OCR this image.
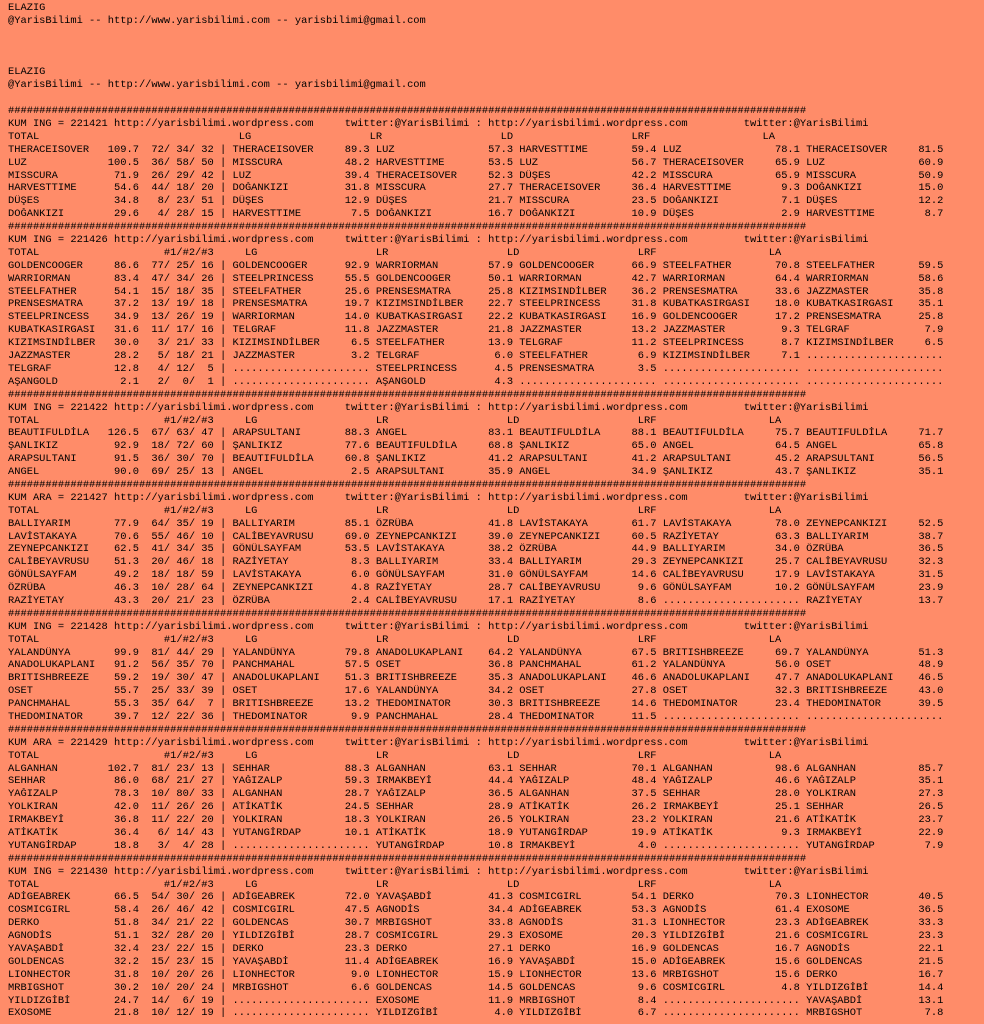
ELAZIG
@YarisBilimi -- http://www.yarisbilimi.com -- yarisbilimi@gmail.com
ELAZIG
@YarisBilimi -- http://www.yarisbilimi.com -- yarisbilimi@gmail.com
################################################################################################################################
KUM ING = 221421 http://yarisbilimi.wordpress.com     twitter:@YarisBilimi : http://yarisbilimi.wordpress.com         twitter:@YarisBilimi
TOTAL                                LG                   LR                   LD                   LRF                  LA
THERACEISOVER   109.7  72/ 34/ 32 | THERACEISOVER     89.3 LUZ               57.3 HARVESTTIME       59.4 LUZ               78.1 THERACEISOVER     81.5
LUZ             100.5  36/ 58/ 50 | MISSCURA          48.2 HARVESTTIME       53.5 LUZ               56.7 THERACEISOVER     65.9 LUZ               60.9
MISSCURA         71.9  26/ 29/ 42 | LUZ               39.4 THERACEISOVER     52.3 DÜŞES             42.2 MISSCURA          65.9 MISSCURA          50.9
HARVESTTIME      54.6  44/ 18/ 20 | DOĞANKIZI         31.8 MISSCURA          27.7 THERACEISOVER     36.4 HARVESTTIME        9.3 DOĞANKIZI         15.0
DÜŞES            34.8   8/ 23/ 51 | DÜŞES             12.9 DÜŞES             21.7 MISSCURA          23.5 DOĞANKIZI          7.1 DÜŞES             12.2
DOĞANKIZI        29.6   4/ 28/ 15 | HARVESTTIME        7.5 DOĞANKIZI         16.7 DOĞANKIZI         10.9 DÜŞES              2.9 HARVESTTIME        8.7
################################################################################################################################
KUM ING = 221426 http://yarisbilimi.wordpress.com     twitter:@YarisBilimi : http://yarisbilimi.wordpress.com         twitter:@YarisBilimi
TOTAL                    #1/#2/#3     LG                   LR                   LD                   LRF                  LA
GOLDENCOOGER     86.6  77/ 25/ 16 | GOLDENCOOGER      92.9 WARRIORMAN        57.9 GOLDENCOOGER      66.9 STEELFATHER       70.8 STEELFATHER       59.5
WARRIORMAN       83.4  47/ 34/ 26 | STEELPRINCESS     55.5 GOLDENCOOGER      50.1 WARRIORMAN        42.7 WARRIORMAN        64.4 WARRIORMAN        58.6
STEELFATHER      54.1  15/ 18/ 35 | STEELFATHER       25.6 PRENSESMATRA      25.8 KIZIMSINDİLBER    36.2 PRENSESMATRA      33.6 JAZZMASTER        35.8
PRENSESMATRA     37.2  13/ 19/ 18 | PRENSESMATRA      19.7 KIZIMSINDİLBER    22.7 STEELPRINCESS     31.8 KUBATKASIRGASI    18.0 KUBATKASIRGASI    35.1
STEELPRINCESS    34.9  13/ 26/ 19 | WARRIORMAN        14.0 KUBATKASIRGASI    22.2 KUBATKASIRGASI    16.9 GOLDENCOOGER      17.2 PRENSESMATRA      25.8
KUBATKASIRGASI   31.6  11/ 17/ 16 | TELGRAF           11.8 JAZZMASTER        21.8 JAZZMASTER        13.2 JAZZMASTER         9.3 TELGRAF            7.9
KIZIMSINDİLBER   30.0   3/ 21/ 33 | KIZIMSINDİLBER     6.5 STEELFATHER       13.9 TELGRAF           11.2 STEELPRINCESS      8.7 KIZIMSINDİLBER     6.5
JAZZMASTER       28.2   5/ 18/ 21 | JAZZMASTER         3.2 TELGRAF            6.0 STEELFATHER        6.9 KIZIMSINDİLBER     7.1 ......................
TELGRAF          12.8   4/ 12/  5 | ...................... STEELPRINCESS      4.5 PRENSESMATRA       3.5 ...................... ......................
AŞANGOLD          2.1   2/  0/  1 | ...................... AŞANGOLD           4.3 ...................... ...................... ......................
################################################################################################################################
KUM ING = 221422 http://yarisbilimi.wordpress.com     twitter:@YarisBilimi : http://yarisbilimi.wordpress.com         twitter:@YarisBilimi
TOTAL                    #1/#2/#3     LG                   LR                   LD                   LRF                  LA
BEAUTIFULDİLA   126.5  67/ 63/ 47 | ARAPSULTANI       88.3 ANGEL             83.1 BEAUTIFULDİLA     88.1 BEAUTIFULDİLA     75.7 BEAUTIFULDİLA     71.7
ŞANLIKIZ         92.9  18/ 72/ 60 | ŞANLIKIZ          77.6 BEAUTIFULDİLA     68.8 ŞANLIKIZ          65.0 ANGEL             64.5 ANGEL             65.8
ARAPSULTANI      91.5  36/ 30/ 70 | BEAUTIFULDİLA     60.8 ŞANLIKIZ          41.2 ARAPSULTANI       41.2 ARAPSULTANI       45.2 ARAPSULTANI       56.5
ANGEL            90.0  69/ 25/ 13 | ANGEL              2.5 ARAPSULTANI       35.9 ANGEL             34.9 ŞANLIKIZ          43.7 ŞANLIKIZ          35.1
################################################################################################################################
KUM ARA = 221427 http://yarisbilimi.wordpress.com     twitter:@YarisBilimi : http://yarisbilimi.wordpress.com         twitter:@YarisBilimi
TOTAL                    #1/#2/#3     LG                   LR                   LD                   LRF                  LA
BALLIYARIM       77.9  64/ 35/ 19 | BALLIYARIM        85.1 ÖZRÜBA            41.8 LAVİSTAKAYA       61.7 LAVİSTAKAYA       78.0 ZEYNEPCANKIZI     52.5
LAVİSTAKAYA      70.6  55/ 46/ 10 | CALİBEYAVRUSU     69.0 ZEYNEPCANKIZI     39.0 ZEYNEPCANKIZI     60.5 RAZİYETAY         63.3 BALLIYARIM        38.7
ZEYNEPCANKIZI    62.5  41/ 34/ 35 | GÖNÜLSAYFAM       53.5 LAVİSTAKAYA       38.2 ÖZRÜBA            44.9 BALLIYARIM        34.0 ÖZRÜBA            36.5
CALİBEYAVRUSU    51.3  20/ 46/ 18 | RAZİYETAY          8.3 BALLIYARIM        33.4 BALLIYARIM        29.3 ZEYNEPCANKIZI     25.7 CALİBEYAVRUSU     32.3
GÖNÜLSAYFAM      49.2  18/ 18/ 59 | LAVİSTAKAYA        6.0 GÖNÜLSAYFAM       31.0 GÖNÜLSAYFAM       14.6 CALİBEYAVRUSU     17.9 LAVİSTAKAYA       31.5
ÖZRÜBA           46.3  10/ 28/ 64 | ZEYNEPCANKIZI      4.8 RAZİYETAY         28.7 CALİBEYAVRUSU      9.6 GÖNÜLSAYFAM       10.2 GÖNÜLSAYFAM       23.9
RAZİYETAY        43.3  20/ 21/ 23 | ÖZRÜBA             2.4 CALİBEYAVRUSU     17.1 RAZİYETAY          8.6 ...................... RAZİYETAY         13.7
################################################################################################################################
KUM ING = 221428 http://yarisbilimi.wordpress.com     twitter:@YarisBilimi : http://yarisbilimi.wordpress.com         twitter:@YarisBilimi
TOTAL                    #1/#2/#3     LG                   LR                   LD                   LRF                  LA
YALANDÜNYA       99.9  81/ 44/ 29 | YALANDÜNYA        79.8 ANADOLUKAPLANI    64.2 YALANDÜNYA        67.5 BRITISHBREEZE     69.7 YALANDÜNYA        51.3
ANADOLUKAPLANI   91.2  56/ 35/ 70 | PANCHMAHAL        57.5 OSET              36.8 PANCHMAHAL        61.2 YALANDÜNYA        56.0 OSET              48.9
BRITISHBREEZE    59.2  19/ 30/ 47 | ANADOLUKAPLANI    51.3 BRITISHBREEZE     35.3 ANADOLUKAPLANI    46.6 ANADOLUKAPLANI    47.7 ANADOLUKAPLANI    46.5
OSET             55.7  25/ 33/ 39 | OSET              17.6 YALANDÜNYA        34.2 OSET              27.8 OSET              32.3 BRITISHBREEZE     43.0
PANCHMAHAL       55.3  35/ 64/  7 | BRITISHBREEZE     13.2 THEDOMINATOR      30.3 BRITISHBREEZE     14.6 THEDOMINATOR      23.4 THEDOMINATOR      39.5
THEDOMINATOR     39.7  12/ 22/ 36 | THEDOMINATOR       9.9 PANCHMAHAL        28.4 THEDOMINATOR      11.5 ...................... ......................
################################################################################################################################
KUM ARA = 221429 http://yarisbilimi.wordpress.com     twitter:@YarisBilimi : http://yarisbilimi.wordpress.com         twitter:@YarisBilimi
TOTAL                    #1/#2/#3     LG                   LR                   LD                   LRF                  LA
ALGANHAN        102.7  81/ 23/ 13 | SEHHAR            88.3 ALGANHAN          63.1 SEHHAR            70.1 ALGANHAN          98.6 ALGANHAN          85.7
SEHHAR           86.0  68/ 21/ 27 | YAĞIZALP          59.3 IRMAKBEYİ         44.4 YAĞIZALP          48.4 YAĞIZALP          46.6 YAĞIZALP          35.1
YAĞIZALP         78.3  10/ 80/ 33 | ALGANHAN          28.7 YAĞIZALP          36.5 ALGANHAN          37.5 SEHHAR            28.0 YOLKIRAN          27.3
YOLKIRAN         42.0  11/ 26/ 26 | ATİKATİK          24.5 SEHHAR            28.9 ATİKATİK          26.2 IRMAKBEYİ         25.1 SEHHAR            26.5
IRMAKBEYİ        36.8  11/ 22/ 20 | YOLKIRAN          18.3 YOLKIRAN          26.5 YOLKIRAN          23.2 YOLKIRAN          21.6 ATİKATİK          23.7
ATİKATİK         36.4   6/ 14/ 43 | YUTANGİRDAP       10.1 ATİKATİK          18.9 YUTANGİRDAP       19.9 ATİKATİK           9.3 IRMAKBEYİ         22.9
YUTANGİRDAP      18.8   3/  4/ 28 | ...................... YUTANGİRDAP       10.8 IRMAKBEYİ          4.0 ...................... YUTANGİRDAP        7.9
################################################################################################################################
KUM ING = 221430 http://yarisbilimi.wordpress.com     twitter:@YarisBilimi : http://yarisbilimi.wordpress.com         twitter:@YarisBilimi
TOTAL                    #1/#2/#3     LG                   LR                   LD                   LRF                  LA
ADİGEABREK       66.5  54/ 30/ 26 | ADİGEABREK        72.0 YAVAŞABDİ         41.3 COSMICGIRL        54.1 DERKO             70.3 LIONHECTOR        40.5
COSMICGIRL       58.4  26/ 46/ 42 | COSMICGIRL        47.5 AGNODİS           34.4 ADİGEABREK        53.3 AGNODİS           61.4 EXOSOME           36.5
DERKO            51.8  34/ 21/ 22 | GOLDENCAS         30.7 MRBIGSHOT         33.8 AGNODİS           31.3 LIONHECTOR        23.3 ADİGEABREK        33.3
AGNODİS          51.1  32/ 28/ 20 | YILDIZGİBİ        28.7 COSMICGIRL        29.3 EXOSOME           20.3 YILDIZGİBİ        21.6 COSMICGIRL        23.3
YAVAŞABDİ        32.4  23/ 22/ 15 | DERKO             23.3 DERKO             27.1 DERKO             16.9 GOLDENCAS         16.7 AGNODİS           22.1
GOLDENCAS        32.2  15/ 23/ 15 | YAVAŞABDİ         11.4 ADİGEABREK        16.9 YAVAŞABDİ         15.0 ADİGEABREK        15.6 GOLDENCAS         21.5
LIONHECTOR       31.8  10/ 20/ 26 | LIONHECTOR         9.0 LIONHECTOR        15.9 LIONHECTOR        13.6 MRBIGSHOT         15.6 DERKO             16.7
MRBIGSHOT        30.2  10/ 20/ 24 | MRBIGSHOT          6.6 GOLDENCAS         14.5 GOLDENCAS          9.6 COSMICGIRL         4.8 YILDIZGİBİ        14.4
YILDIZGİBİ       24.7  14/  6/ 19 | ...................... EXOSOME           11.9 MRBIGSHOT          8.4 ...................... YAVAŞABDİ         13.1
EXOSOME          21.8  10/ 12/ 19 | ...................... YILDIZGİBİ         4.0 YILDIZGİBİ         6.7 ...................... MRBIGSHOT          7.8
